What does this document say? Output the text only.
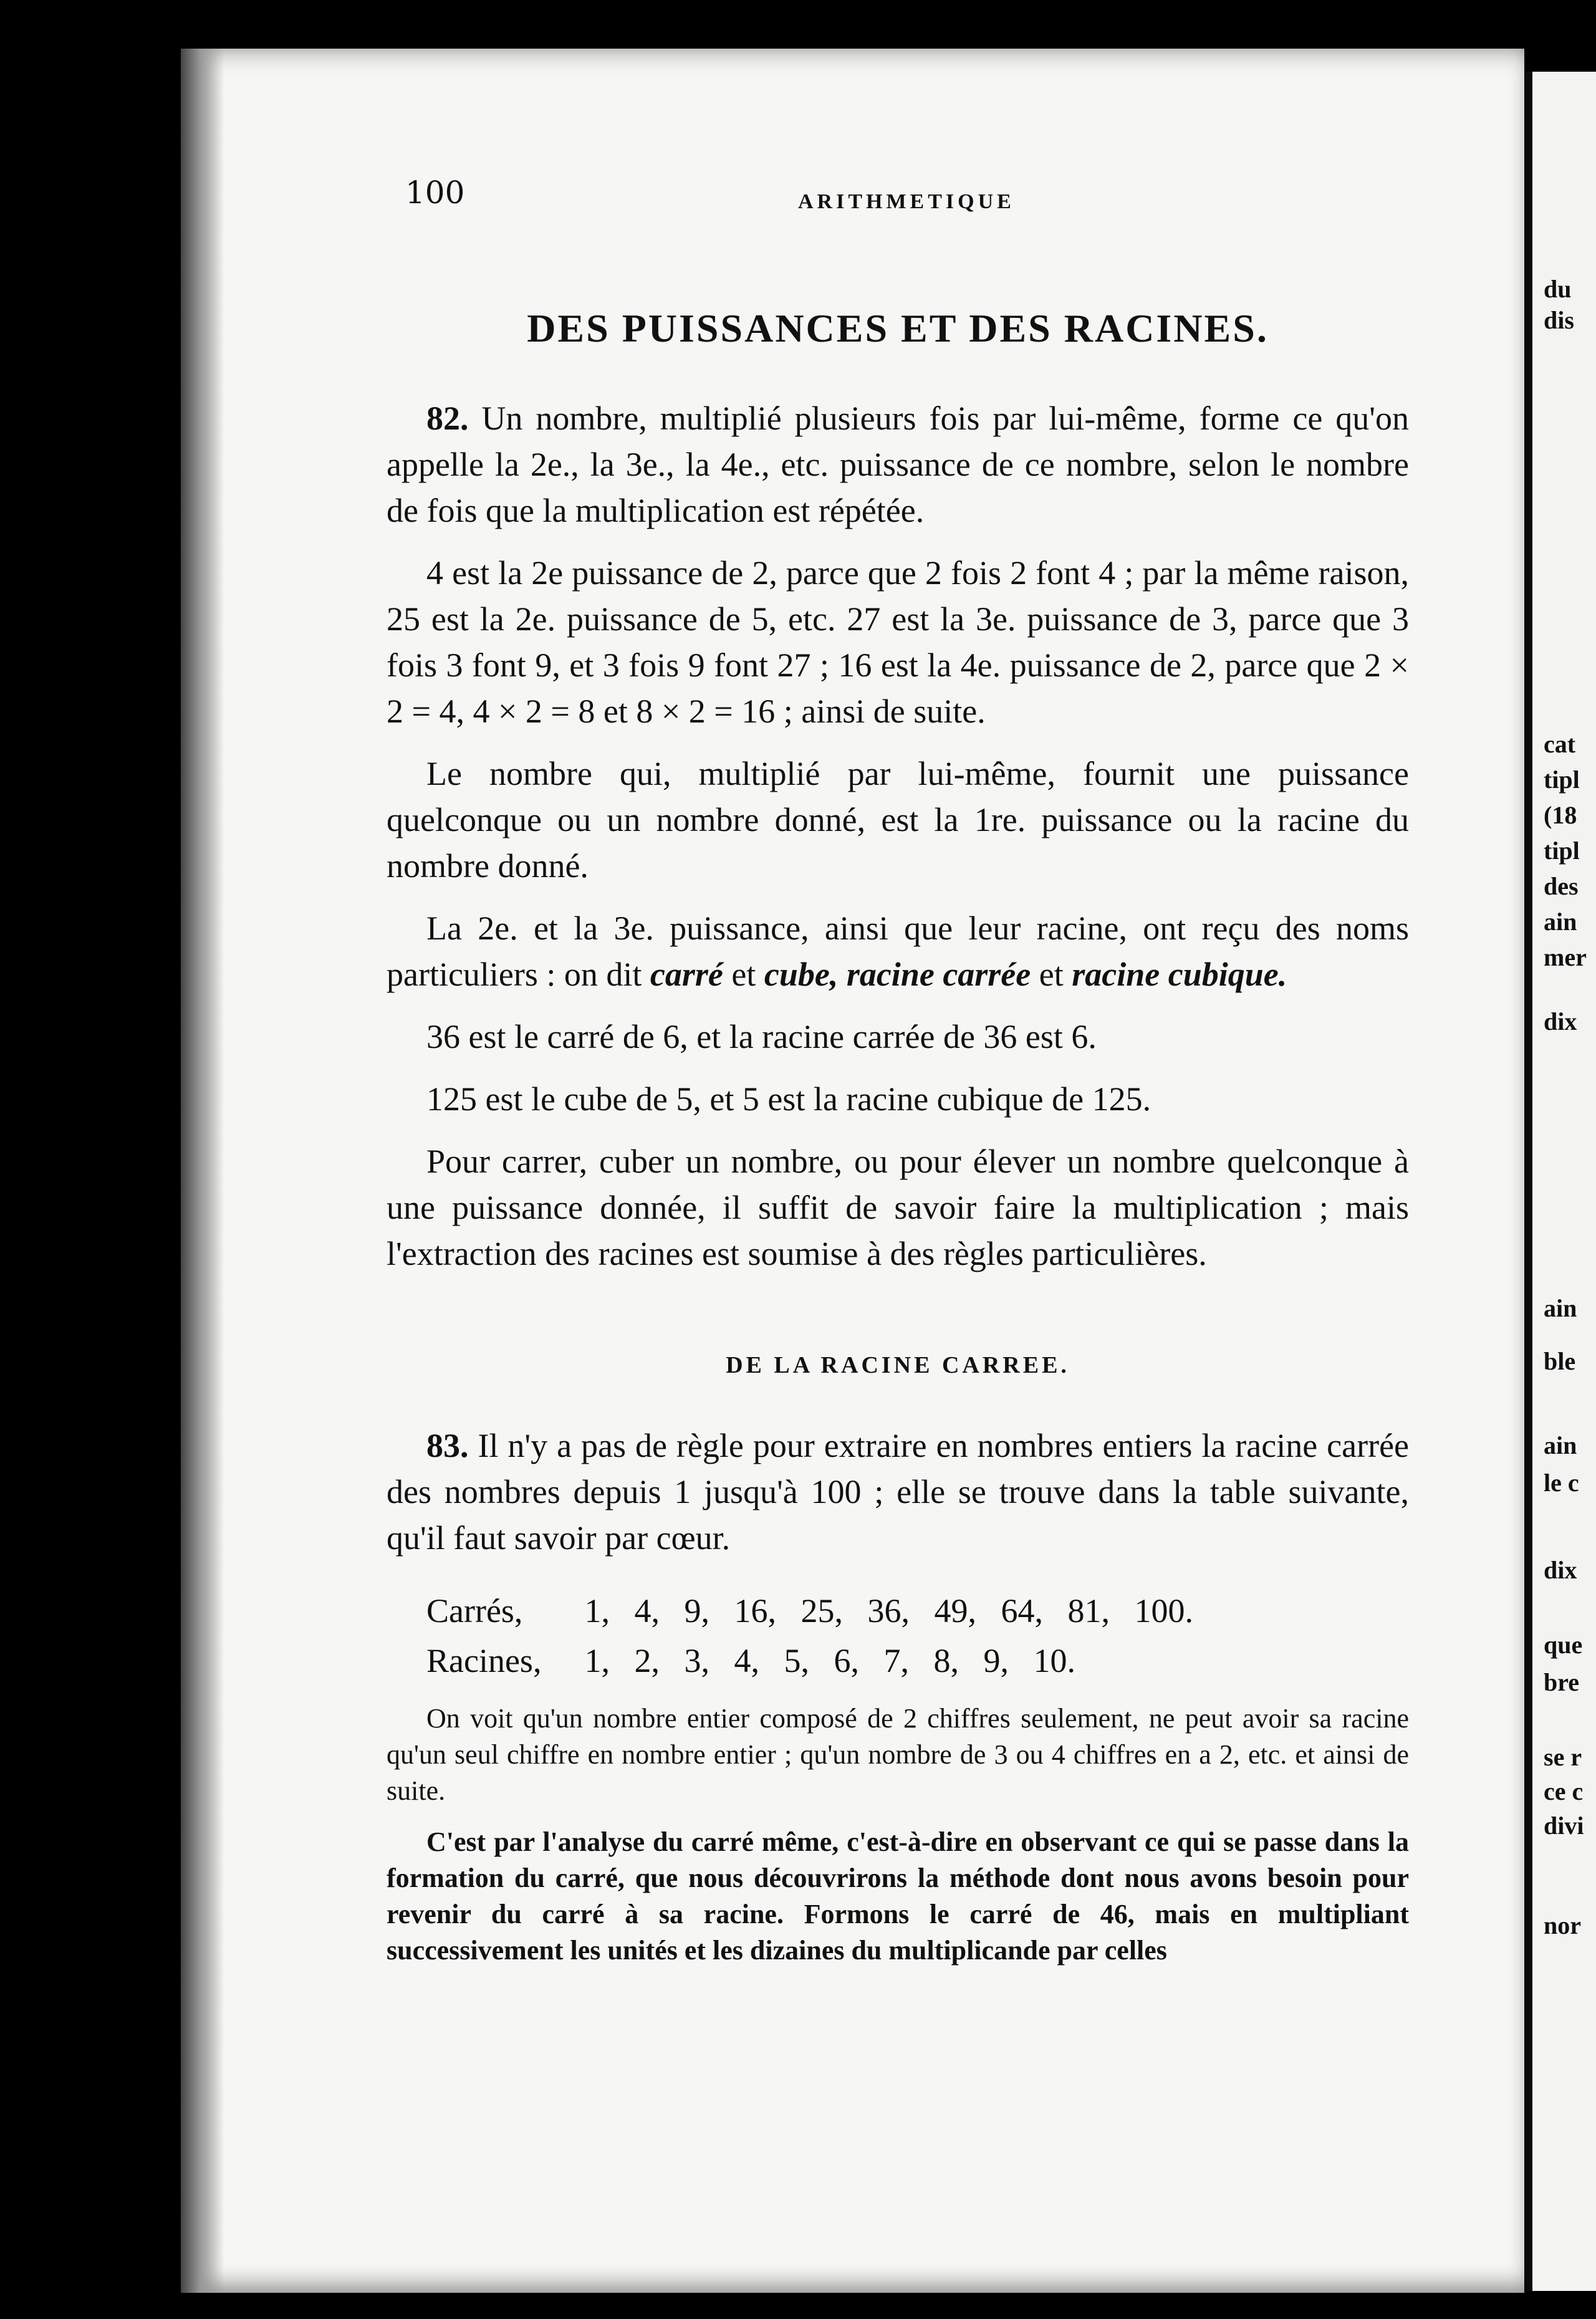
du
dis
cat
tipl
(18
tipl
des
ain
mer
dix
ain
ble
ain
le c
dix
que
bre
se r
ce c
divi
nor
100	ARITHMETIQUE
DES PUISSANCES ET DES RACINES.

82. Un nombre, multiplié plusieurs fois par lui-même, forme ce qu'on appelle la 2e., la 3e., la 4e., etc. puissance de ce nombre, selon le nombre de fois que la multiplication est répétée.

4 est la 2e puissance de 2, parce que 2 fois 2 font 4 ; par la même raison, 25 est la 2e. puissance de 5, etc. 27 est la 3e. puissance de 3, parce que 3 fois 3 font 9, et 3 fois 9 font 27 ; 16 est la 4e. puissance de 2, parce que 2 × 2 = 4, 4 × 2 = 8 et 8 × 2 = 16 ; ainsi de suite.

Le nombre qui, multiplié par lui-même, fournit une puissance quelconque ou un nombre donné, est la 1re. puissance ou la racine du nombre donné.

La 2e. et la 3e. puissance, ainsi que leur racine, ont reçu des noms particuliers : on dit carré et cube, racine carrée et racine cubique.

36 est le carré de 6, et la racine carrée de 36 est 6.

125 est le cube de 5, et 5 est la racine cubique de 125.

Pour carrer, cuber un nombre, ou pour élever un nombre quelconque à une puissance donnée, il suffit de savoir faire la multiplication ; mais l'extraction des racines est soumise à des règles particulières.

DE LA RACINE CARREE.

83. Il n'y a pas de règle pour extraire en nombres entiers la racine carrée des nombres depuis 1 jusqu'à 100 ; elle se trouve dans la table suivante, qu'il faut savoir par cœur.

Carrés, 1, 4, 9, 16, 25, 36, 49, 64, 81, 100.
Racines, 1, 2, 3, 4, 5, 6, 7, 8, 9, 10.

On voit qu'un nombre entier composé de 2 chiffres seulement, ne peut avoir sa racine qu'un seul chiffre en nombre entier ; qu'un nombre de 3 ou 4 chiffres en a 2, etc. et ainsi de suite.

C'est par l'analyse du carré même, c'est-à-dire en observant ce qui se passe dans la formation du carré, que nous découvrirons la méthode dont nous avons besoin pour revenir du carré à sa racine. Formons le carré de 46, mais en multipliant successivement les unités et les dizaines du multiplicande par celles
